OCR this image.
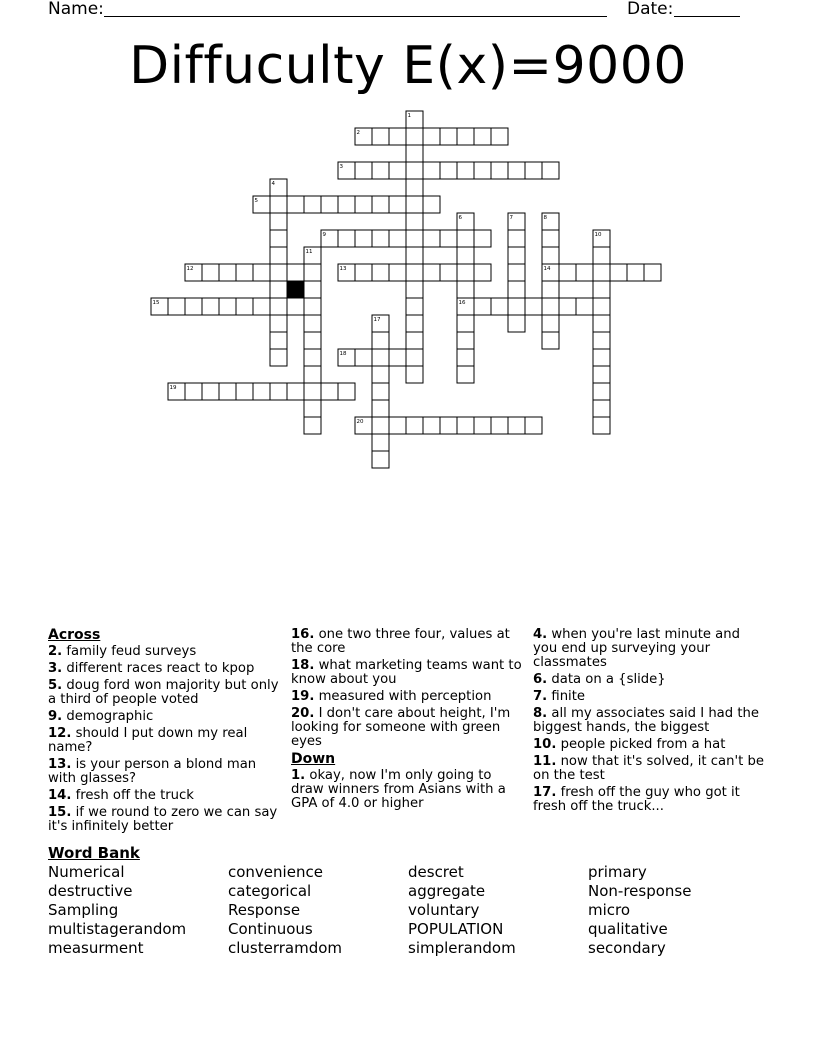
Name:	Date:
Diffuculty E(x)=9000
2
3
5
9
12	13	14
15	16
18
19
20
1
4
6	7	8
10
11
17
Across
2. family feud surveys
3. different races react to kpop
5. doug ford won majority but only a third of people voted
9. demographic
12. should I put down my real name?
13. is your person a blond man with glasses?
14. fresh off the truck
15. if we round to zero we can say it's infinitely better
16. one two three four, values at the core
18. what marketing teams want to know about you
19. measured with perception
20. I don't care about height, I'm looking for someone with green eyes
Down
1. okay, now I'm only going to draw winners from Asians with a GPA of 4.0 or higher
4. when you're last minute and you end up surveying your classmates
6. data on a {slide}
7. finite
8. all my associates said I had the biggest hands, the biggest
10. people picked from a hat
11. now that it's solved, it can't be on the test
17. fresh off the guy who got it fresh off the truck...
Word Bank
Numerical
destructive
Sampling
multistagerandom
measurment
convenience
categorical
Response
Continuous
clusterramdom
descret
aggregate
voluntary
POPULATION
simplerandom
primary
Non-response
micro
qualitative
secondary
